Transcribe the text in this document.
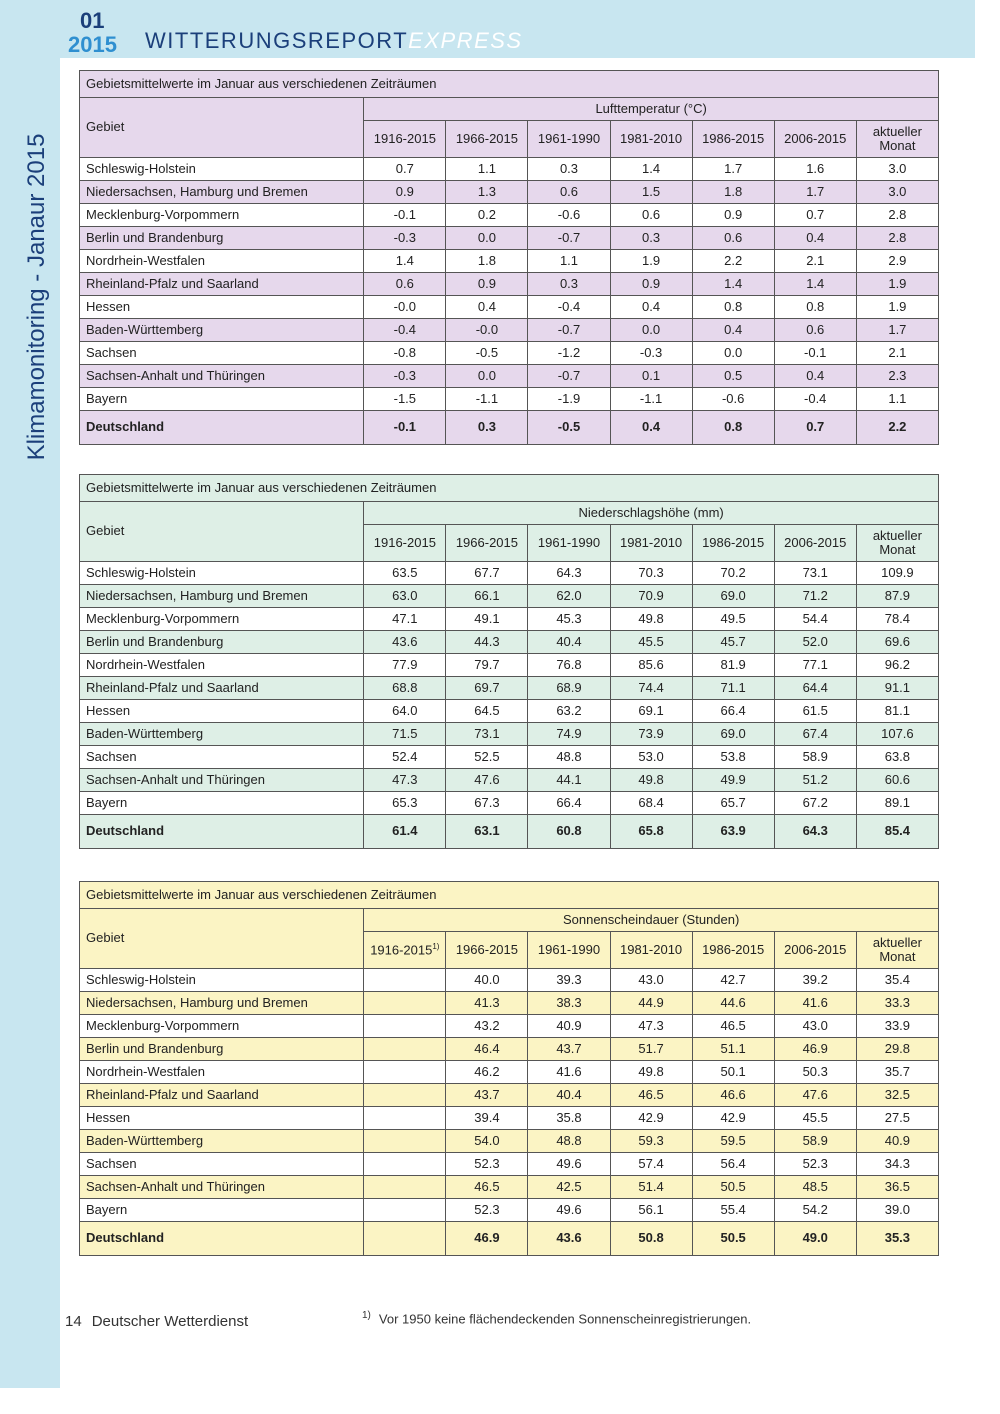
01
2015 WITTERUNGSREPORTEXPRESS
Klimamonitoring - Janaur 2015
Gebietsmittelwerte im Januar aus verschiedenen Zeiträumen							
Gebiet	Lufttemperatur (°C)						
	1916-2015	1966-2015	1961-1990	1981-2010	1986-2015	2006-2015	aktueller
Monat
Schleswig-Holstein	0.7	1.1	0.3	1.4	1.7	1.6	3.0
Niedersachsen, Hamburg und Bremen	0.9	1.3	0.6	1.5	1.8	1.7	3.0
Mecklenburg-Vorpommern	-0.1	0.2	-0.6	0.6	0.9	0.7	2.8
Berlin und Brandenburg	-0.3	0.0	-0.7	0.3	0.6	0.4	2.8
Nordrhein-Westfalen	1.4	1.8	1.1	1.9	2.2	2.1	2.9
Rheinland-Pfalz und Saarland	0.6	0.9	0.3	0.9	1.4	1.4	1.9
Hessen	-0.0	0.4	-0.4	0.4	0.8	0.8	1.9
Baden-Württemberg	-0.4	-0.0	-0.7	0.0	0.4	0.6	1.7
Sachsen	-0.8	-0.5	-1.2	-0.3	0.0	-0.1	2.1
Sachsen-Anhalt und Thüringen	-0.3	0.0	-0.7	0.1	0.5	0.4	2.3
Bayern	-1.5	-1.1	-1.9	-1.1	-0.6	-0.4	1.1
Deutschland	-0.1	0.3	-0.5	0.4	0.8	0.7	2.2
Gebietsmittelwerte im Januar aus verschiedenen Zeiträumen							
Gebiet	Niederschlagshöhe (mm)						
	1916-2015	1966-2015	1961-1990	1981-2010	1986-2015	2006-2015	aktueller
Monat
Schleswig-Holstein	63.5	67.7	64.3	70.3	70.2	73.1	109.9
Niedersachsen, Hamburg und Bremen	63.0	66.1	62.0	70.9	69.0	71.2	87.9
Mecklenburg-Vorpommern	47.1	49.1	45.3	49.8	49.5	54.4	78.4
Berlin und Brandenburg	43.6	44.3	40.4	45.5	45.7	52.0	69.6
Nordrhein-Westfalen	77.9	79.7	76.8	85.6	81.9	77.1	96.2
Rheinland-Pfalz und Saarland	68.8	69.7	68.9	74.4	71.1	64.4	91.1
Hessen	64.0	64.5	63.2	69.1	66.4	61.5	81.1
Baden-Württemberg	71.5	73.1	74.9	73.9	69.0	67.4	107.6
Sachsen	52.4	52.5	48.8	53.0	53.8	58.9	63.8
Sachsen-Anhalt und Thüringen	47.3	47.6	44.1	49.8	49.9	51.2	60.6
Bayern	65.3	67.3	66.4	68.4	65.7	67.2	89.1
Deutschland	61.4	63.1	60.8	65.8	63.9	64.3	85.4
Gebietsmittelwerte im Januar aus verschiedenen Zeiträumen							
Gebiet	Sonnenscheindauer (Stunden)						
	1916-2015$^{1)}$	1966-2015	1961-1990	1981-2010	1986-2015	2006-2015	aktueller
Monat
Schleswig-Holstein		40.0	39.3	43.0	42.7	39.2	35.4
Niedersachsen, Hamburg und Bremen		41.3	38.3	44.9	44.6	41.6	33.3
Mecklenburg-Vorpommern		43.2	40.9	47.3	46.5	43.0	33.9
Berlin und Brandenburg		46.4	43.7	51.7	51.1	46.9	29.8
Nordrhein-Westfalen		46.2	41.6	49.8	50.1	50.3	35.7
Rheinland-Pfalz und Saarland		43.7	40.4	46.5	46.6	47.6	32.5
Hessen		39.4	35.8	42.9	42.9	45.5	27.5
Baden-Württemberg		54.0	48.8	59.3	59.5	58.9	40.9
Sachsen		52.3	49.6	57.4	56.4	52.3	34.3
Sachsen-Anhalt und Thüringen		46.5	42.5	51.4	50.5	48.5	36.5
Bayern		52.3	49.6	56.1	55.4	54.2	39.0
Deutschland		46.9	43.6	50.8	50.5	49.0	35.3
14 Deutscher Wetterdienst	$^{1)}$ Vor 1950 keine flächendeckenden Sonnenscheinregistrierungen.
